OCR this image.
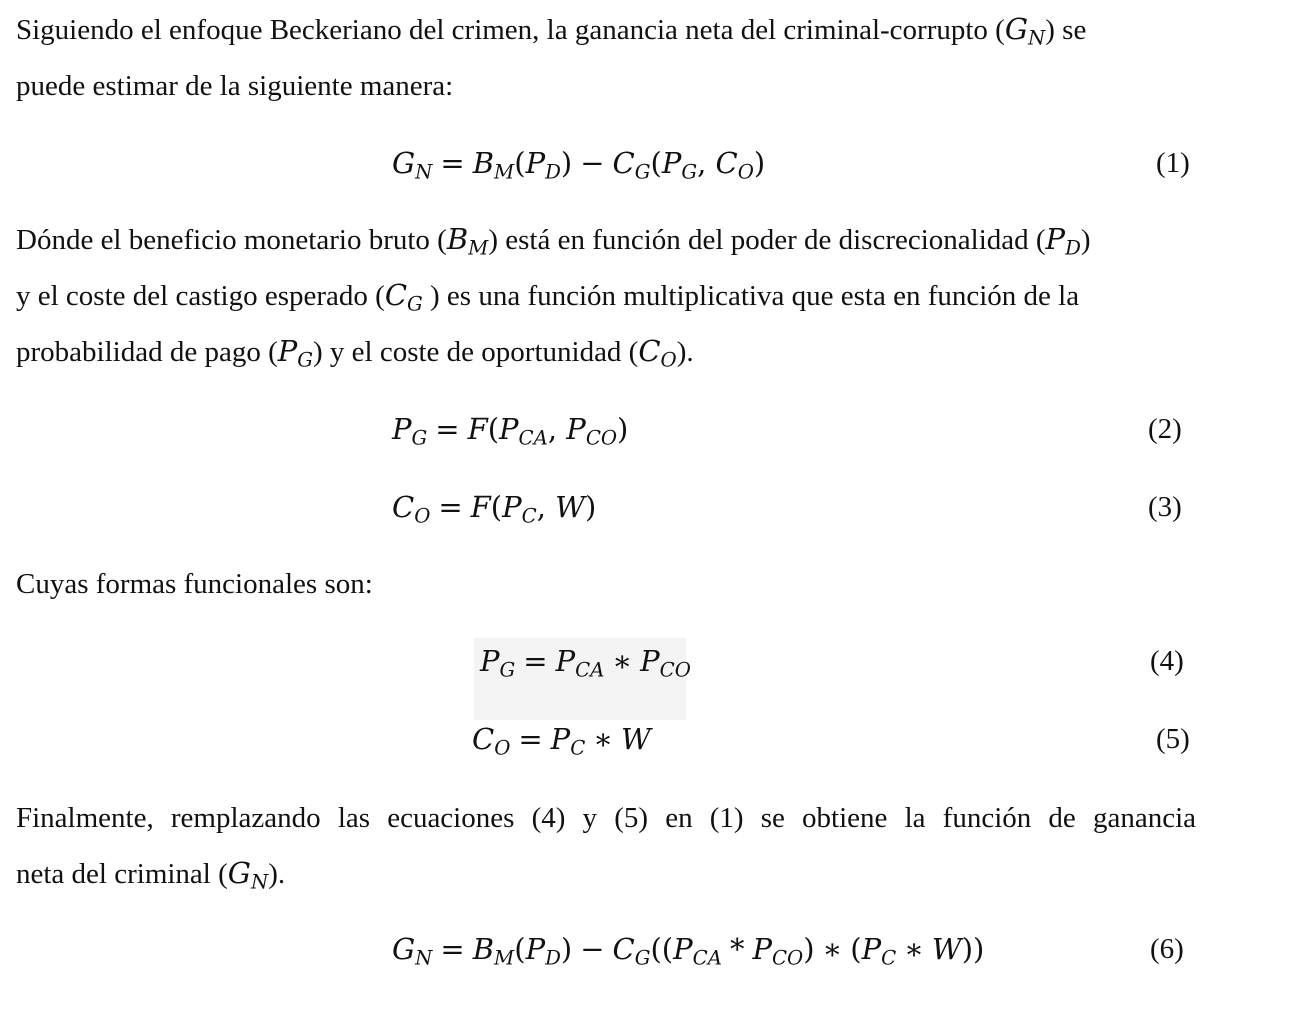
Siguiendo el enfoque Beckeriano del crimen, la ganancia neta del criminal-corrupto $(G_N)$ se
puede estimar de la siguiente manera:
$G_N = B_M(P_D) - C_G(P_G$, $C_O$)	(1)
Dónde el beneficio monetario bruto $(B_M)$ está en función del poder de discrecionalidad $(P_D)$
y el coste del castigo esperado ($C_G$ ) es una función multiplicativa que esta en función de la
probabilidad de pago $(P_G)$ y el coste de oportunidad $(C_O)$.
$P_G = F(P_{CA}$, $P_{CO}$)	(2)
$C_O = F(P_C$, W)	(3)
Cuyas formas funcionales son:
$P_G = P_{CA}$ ∗ $P_{CO}$	(4)
$C_O = P_C$ ∗ W	(5)
Finalmente, remplazando las ecuaciones (4) y (5) en (1) se obtiene la función de ganancia
neta del criminal $(G_N)$.
$G_N = B_M(P_D) - C_G((P_{CA} * P_{CO})$ ∗ ($P_C$ ∗ W))	(6)
